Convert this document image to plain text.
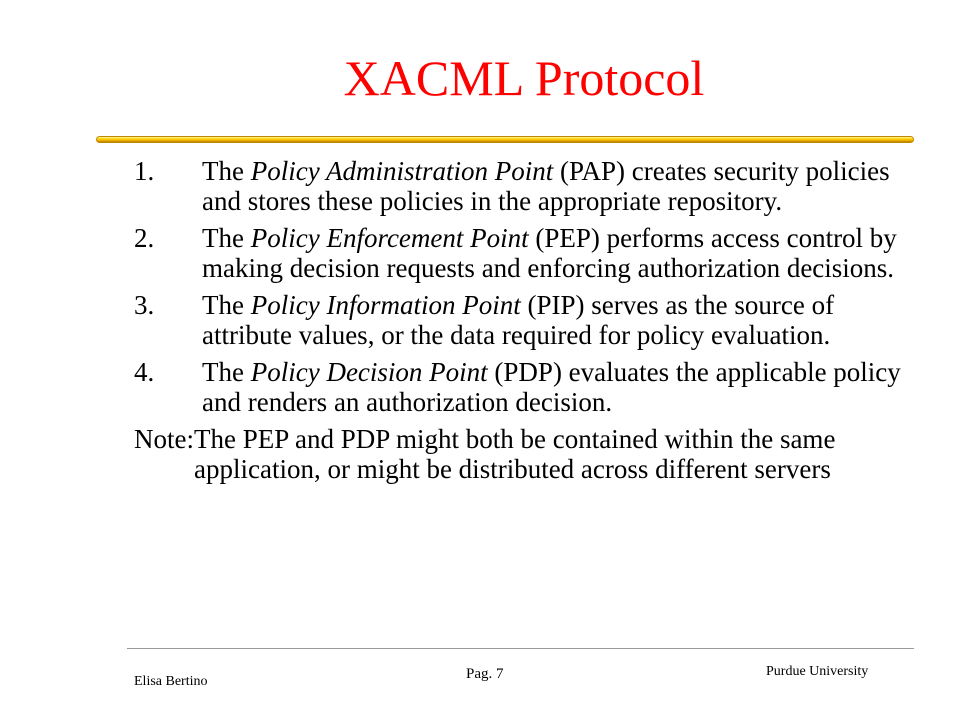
XACML Protocol
1.	The Policy Administration Point (PAP) creates security policies and stores these policies in the appropriate repository.
2.	The Policy Enforcement Point (PEP) performs access control by making decision requests and enforcing authorization decisions.
3.	The Policy Information Point (PIP) serves as the source of attribute values, or the data required for policy evaluation.
4.	The Policy Decision Point (PDP) evaluates the applicable policy and renders an authorization decision.
Note: The PEP and PDP might both be contained within the same application, or might be distributed across different servers
Elisa Bertino	Pag. 7	Purdue University
